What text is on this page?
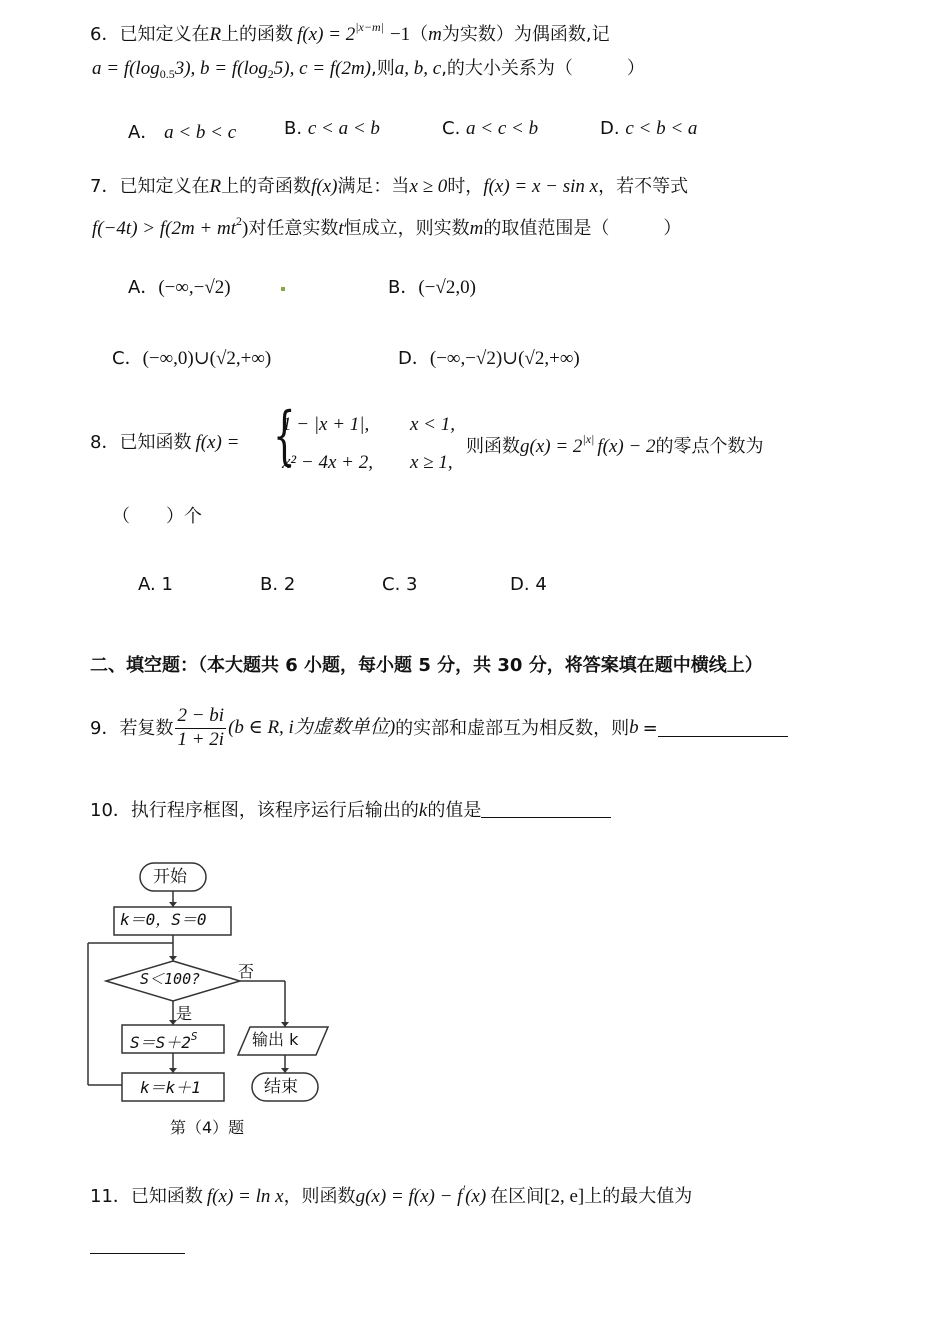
6．已知定义在R上的函数 $f(x) = 2^{|x-m|} -1(m$为实数）为偶函数,记
$a = f(\log_{0.5}3)$, $b = f(\log_25)$, c = f(2m),则a, b, c,的大小关系为（　　　）
A． a < b < c	B. c < a < b	C. a < c < b	D. c < b < a
7．已知定义在R上的奇函数f(x)满足：当x ≥ 0时，f(x) = x − sin x，若不等式
$f(-4t) > f(2m + mt^2)$对任意实数t恒成立，则实数m的取值范围是（　　　）
A．(−∞,−√2)	B．(−√2,0)
C．(−∞,0)∪(√2,+∞)	D．(−∞,−√2)∪(√2,+∞)
8．已知函数 f(x) = {
1 − |x + 1|, x < 1,
x² − 4x + 2, x ≥ 1,
则函数$g(x) = 2^{|x|}$ f(x) − 2的零点个数为
（　　）个
A. 1	B. 2	C. 3	D. 4
二、填空题：（本大题共 6 小题，每小题 5 分，共 30 分，将答案填在题中横线上）
9．若复数 $\frac{2 - bi}{1 + 2i} (b$ ∈ R, i为虚数单位) 的实部和虚部互为相反数，则 b =
10．执行程序框图，该程序运行后输出的k的值是
开始
k＝0，S＝0
S＜100? 否
是
$S=S+2^S$	输出 k
k＝k＋1	结束
第（4）题
11．已知函数 f(x) = ln x，则函数g(x) = f(x) − f′(x) 在区间[2, e]上的最大值为
